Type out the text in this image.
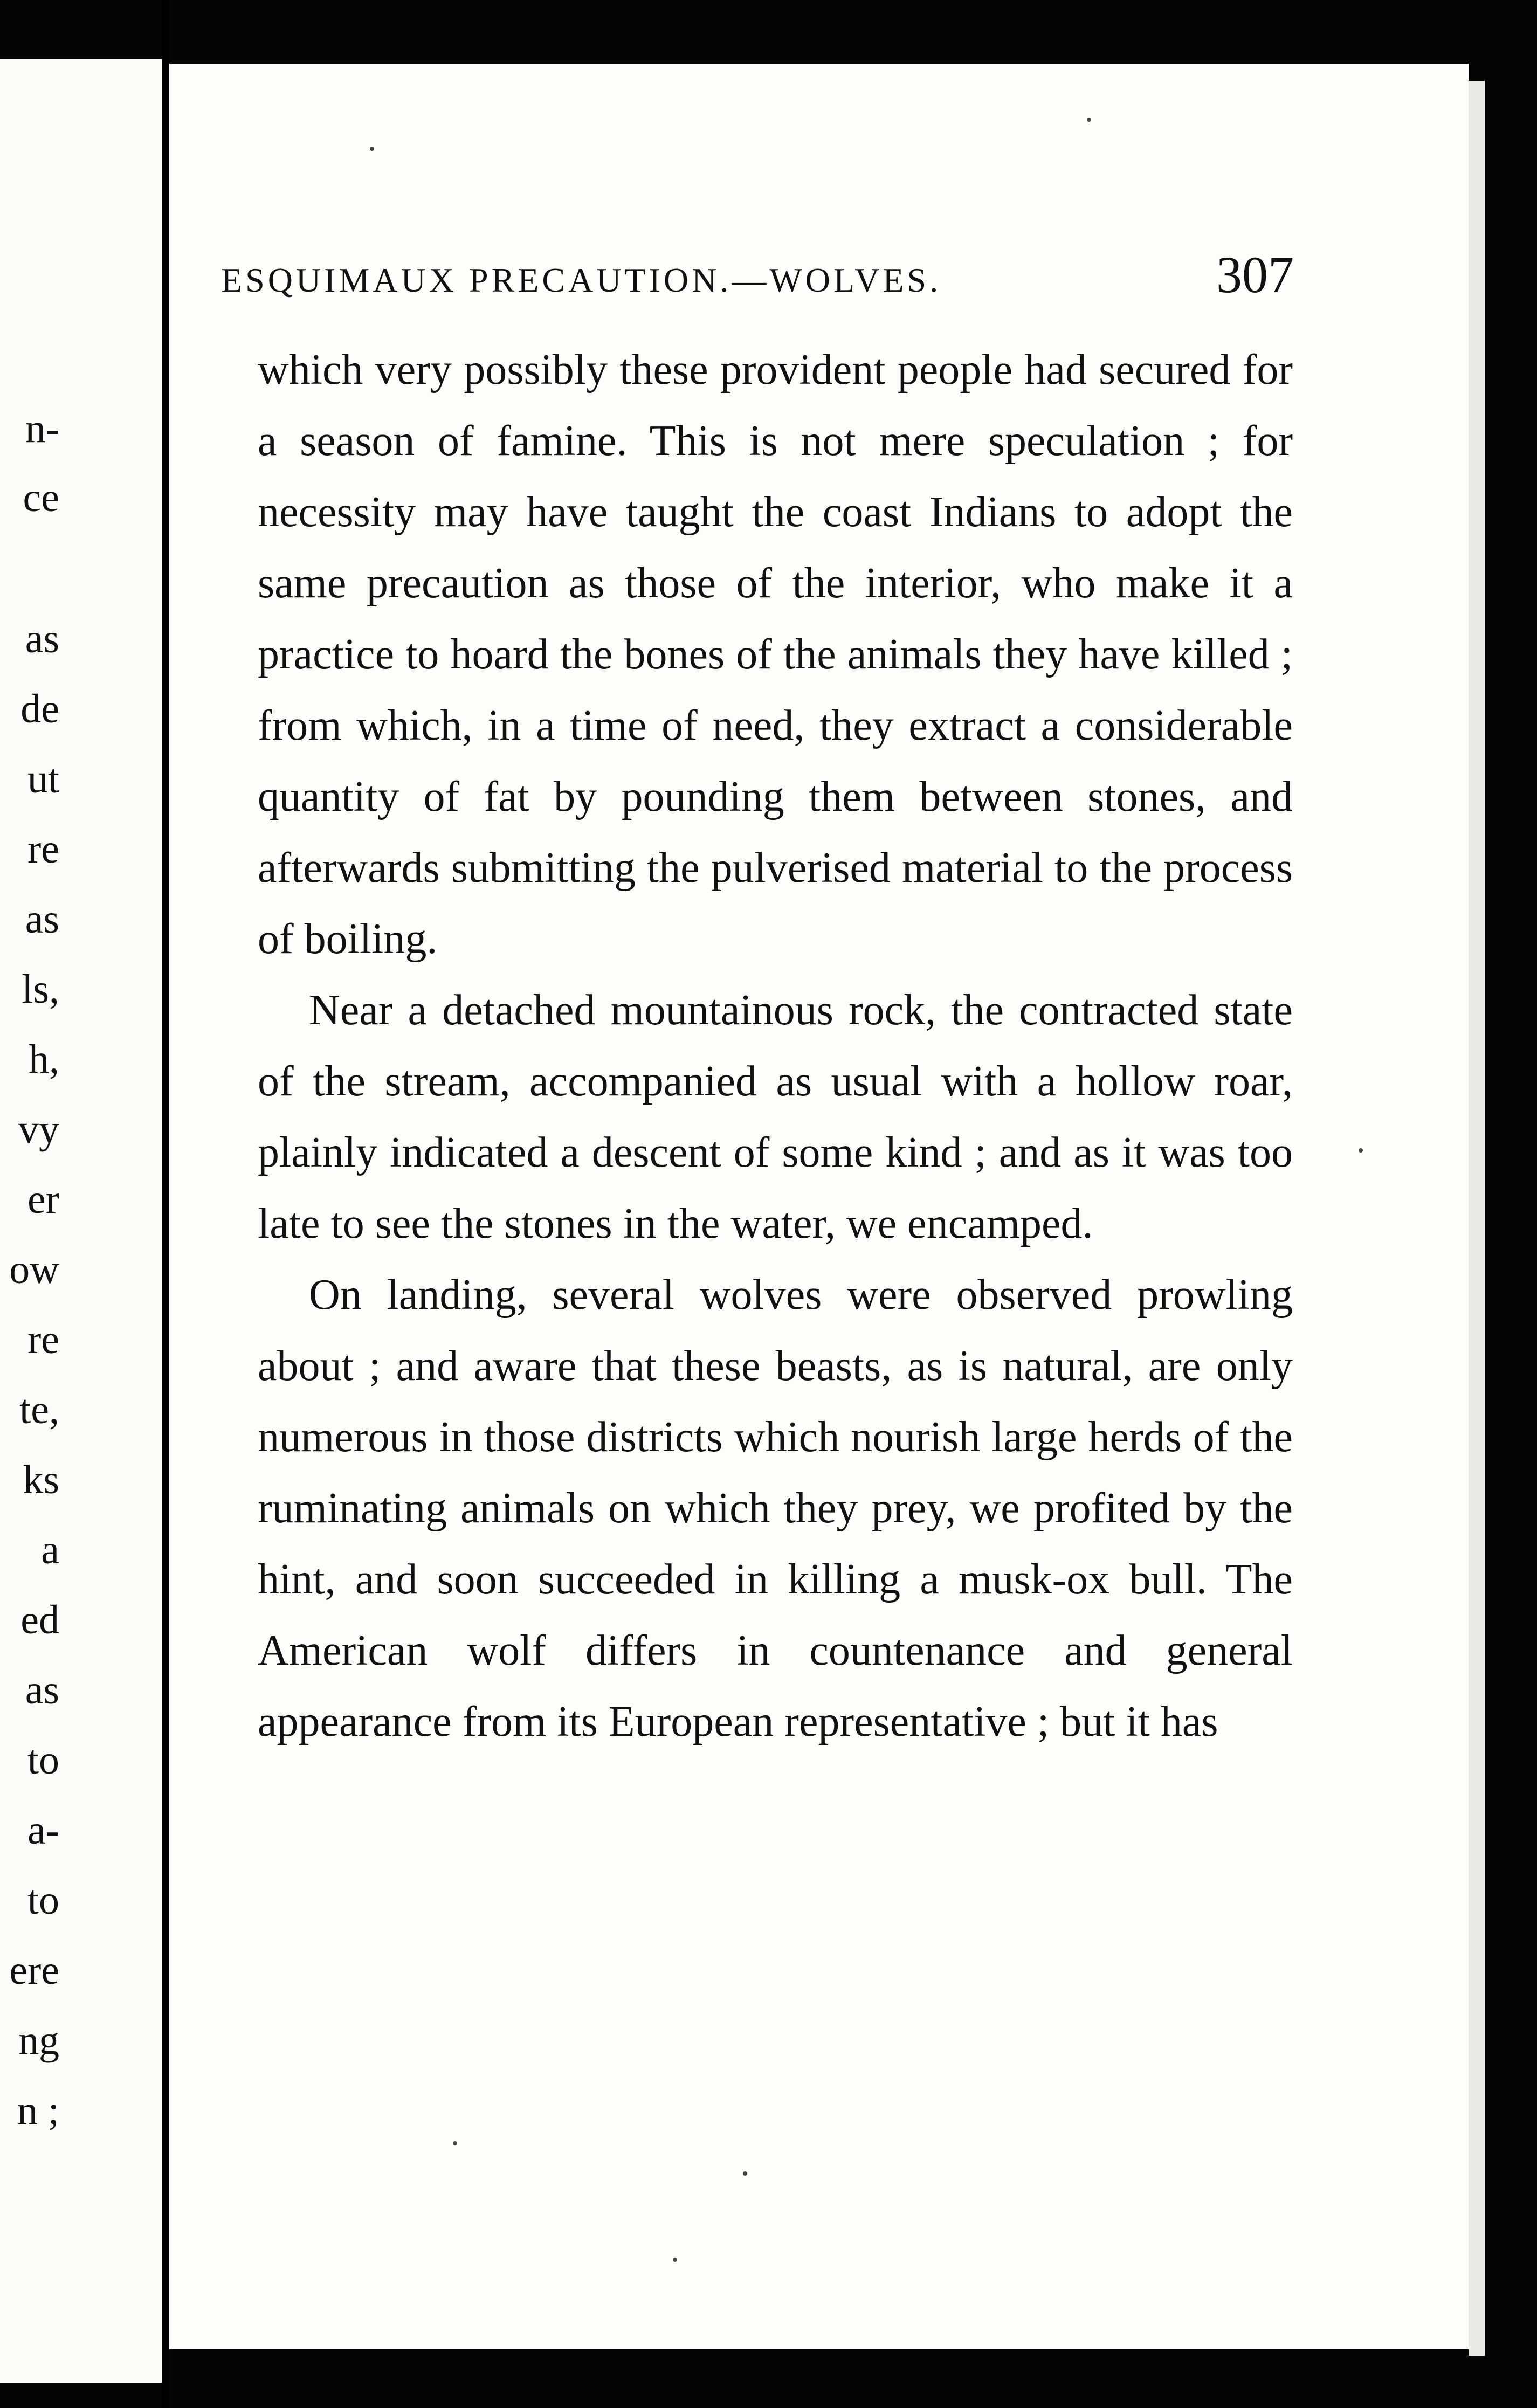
n-
ce
as
de
ut
re
as
ls,
h,
vy
er
ow
re
te,
ks
a
ed
as
to
a-
to
ere
ng
n ;
ESQUIMAUX PRECAUTION.—WOLVES.	307

which very possibly these provident people had secured for a season of famine. This is not mere speculation ; for necessity may have taught the coast Indians to adopt the same precaution as those of the interior, who make it a practice to hoard the bones of the animals they have killed ; from which, in a time of need, they extract a considerable quantity of fat by pounding them between stones, and afterwards submitting the pulverised material to the process of boiling.

Near a detached mountainous rock, the contracted state of the stream, accompanied as usual with a hollow roar, plainly indicated a descent of some kind ; and as it was too late to see the stones in the water, we encamped.

On landing, several wolves were observed prowling about ; and aware that these beasts, as is natural, are only numerous in those districts which nourish large herds of the ruminating animals on which they prey, we profited by the hint, and soon succeeded in killing a musk-ox bull. The American wolf differs in countenance and general appearance from its European representative ; but it has
